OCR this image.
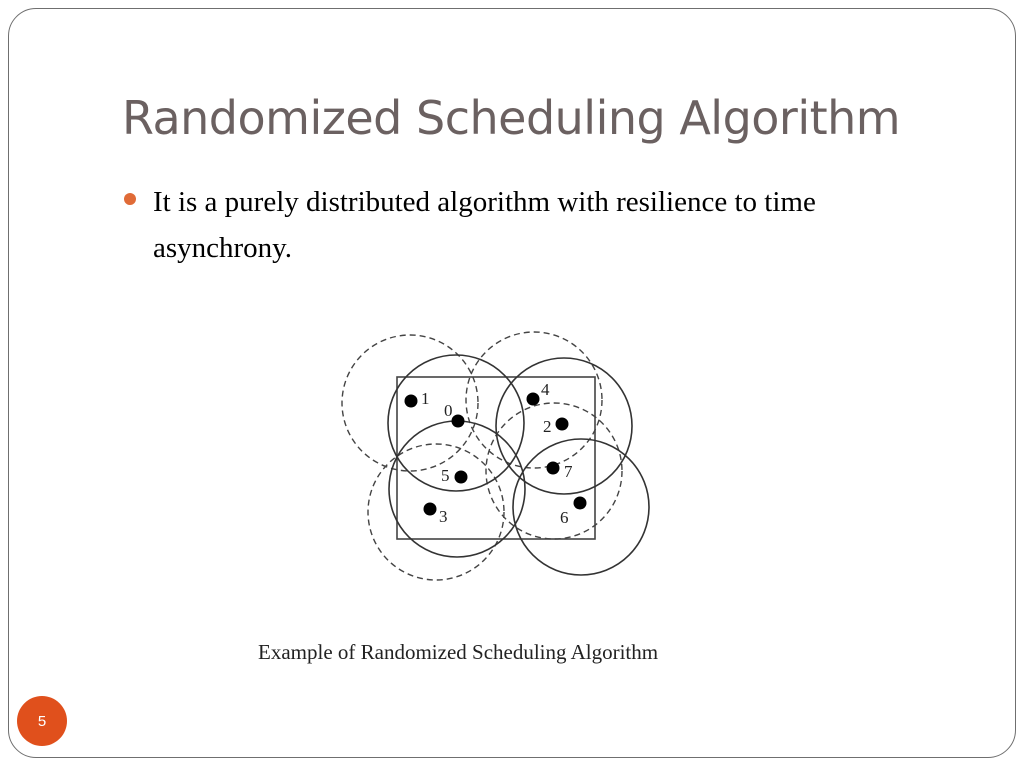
Randomized Scheduling Algorithm
It is a purely distributed algorithm with resilience to time asynchrony.
1
0
4
2
7
5
3	6
Example of Randomized Scheduling Algorithm
5
